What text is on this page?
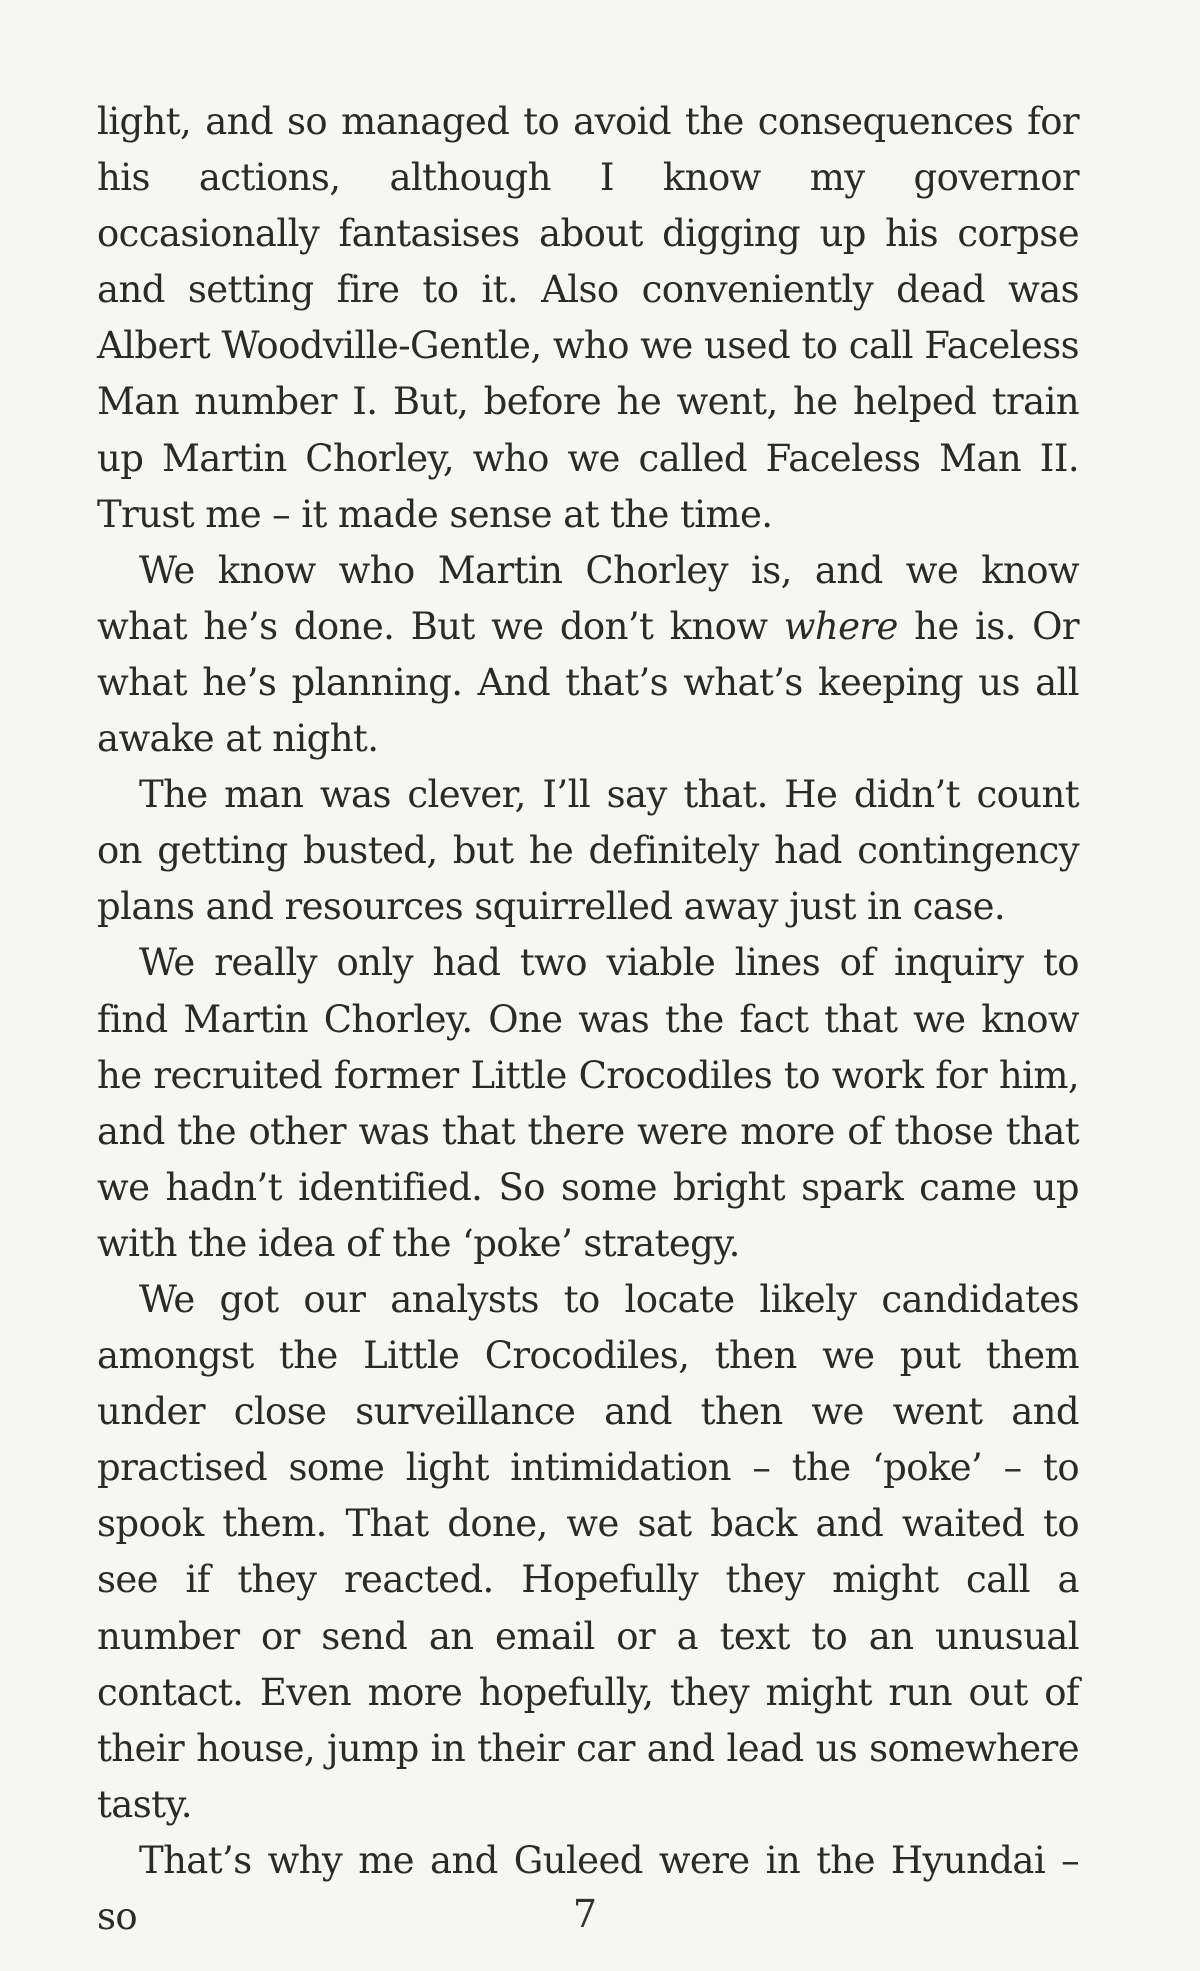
light, and so managed to avoid the consequences for his actions, although I know my governor occasionally fantasises about digging up his corpse and setting fire to it. Also conveniently dead was Albert Woodville-Gentle, who we used to call Faceless Man number I. But, before he went, he helped train up Martin Chorley, who we called Faceless Man II. Trust me – it made sense at the time.

We know who Martin Chorley is, and we know what he’s done. But we don’t know where he is. Or what he’s planning. And that’s what’s keeping us all awake at night.

The man was clever, I’ll say that. He didn’t count on getting busted, but he definitely had contingency plans and resources squirrelled away just in case.

We really only had two viable lines of inquiry to find Martin Chorley. One was the fact that we know he recruited former Little Crocodiles to work for him, and the other was that there were more of those that we hadn’t identified. So some bright spark came up with the idea of the ‘poke’ strategy.

We got our analysts to locate likely candidates amongst the Little Crocodiles, then we put them under close surveillance and then we went and practised some light intimidation – the ‘poke’ – to spook them. That done, we sat back and waited to see if they reacted. Hopefully they might call a number or send an email or a text to an unusual contact. Even more hopefully, they might run out of their house, jump in their car and lead us somewhere tasty.

That’s why me and Guleed were in the Hyundai – so	7
